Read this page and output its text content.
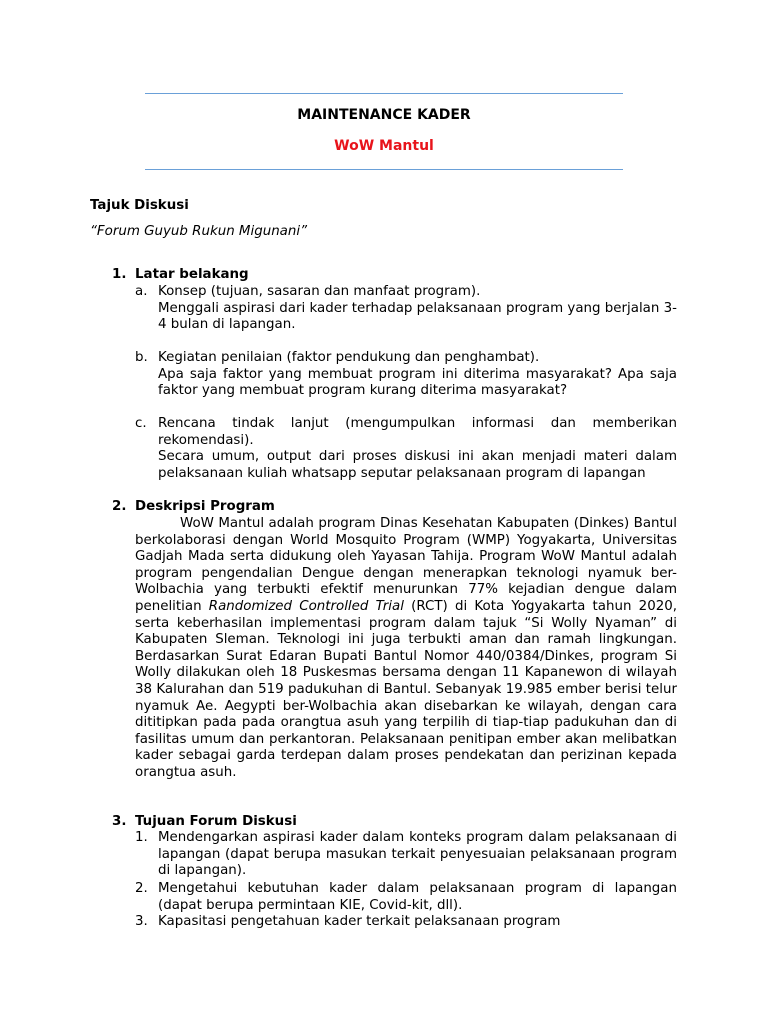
MAINTENANCE KADER
WoW Mantul
Tajuk Diskusi
“Forum Guyub Rukun Migunani”
1. Latar belakang
a. Konsep (tujuan, sasaran dan manfaat program).

Menggali aspirasi dari kader terhadap pelaksanaan program yang berjalan 3-4 bulan di lapangan.

b. Kegiatan penilaian (faktor pendukung dan penghambat).

Apa saja faktor yang membuat program ini diterima masyarakat? Apa saja faktor yang membuat program kurang diterima masyarakat?

c. Rencana tindak lanjut (mengumpulkan informasi dan memberikan rekomendasi).

Secara umum, output dari proses diskusi ini akan menjadi materi dalam pelaksanaan kuliah whatsapp seputar pelaksanaan program di lapangan

2. Deskripsi Program

WoW Mantul adalah program Dinas Kesehatan Kabupaten (Dinkes) Bantul berkolaborasi dengan World Mosquito Program (WMP) Yogyakarta, Universitas Gadjah Mada serta didukung oleh Yayasan Tahija. Program WoW Mantul adalah program pengendalian Dengue dengan menerapkan teknologi nyamuk ber-Wolbachia yang terbukti efektif menurunkan 77% kejadian dengue dalam penelitian Randomized Controlled Trial (RCT) di Kota Yogyakarta tahun 2020, serta keberhasilan implementasi program dalam tajuk “Si Wolly Nyaman” di Kabupaten Sleman. Teknologi ini juga terbukti aman dan ramah lingkungan. Berdasarkan Surat Edaran Bupati Bantul Nomor 440/0384/Dinkes, program Si Wolly dilakukan oleh 18 Puskesmas bersama dengan 11 Kapanewon di wilayah 38 Kalurahan dan 519 padukuhan di Bantul. Sebanyak 19.985 ember berisi telur nyamuk Ae. Aegypti ber-Wolbachia akan disebarkan ke wilayah, dengan cara dititipkan pada pada orangtua asuh yang terpilih di tiap-tiap padukuhan dan di fasilitas umum dan perkantoran. Pelaksanaan penitipan ember akan melibatkan kader sebagai garda terdepan dalam proses pendekatan dan perizinan kepada orangtua asuh.

3. Tujuan Forum Diskusi
1. Mendengarkan aspirasi kader dalam konteks program dalam pelaksanaan di lapangan (dapat berupa masukan terkait penyesuaian pelaksanaan program di lapangan).
2. Mengetahui kebutuhan kader dalam pelaksanaan program di lapangan (dapat berupa permintaan KIE, Covid-kit, dll).
3. Kapasitasi pengetahuan kader terkait pelaksanaan program
